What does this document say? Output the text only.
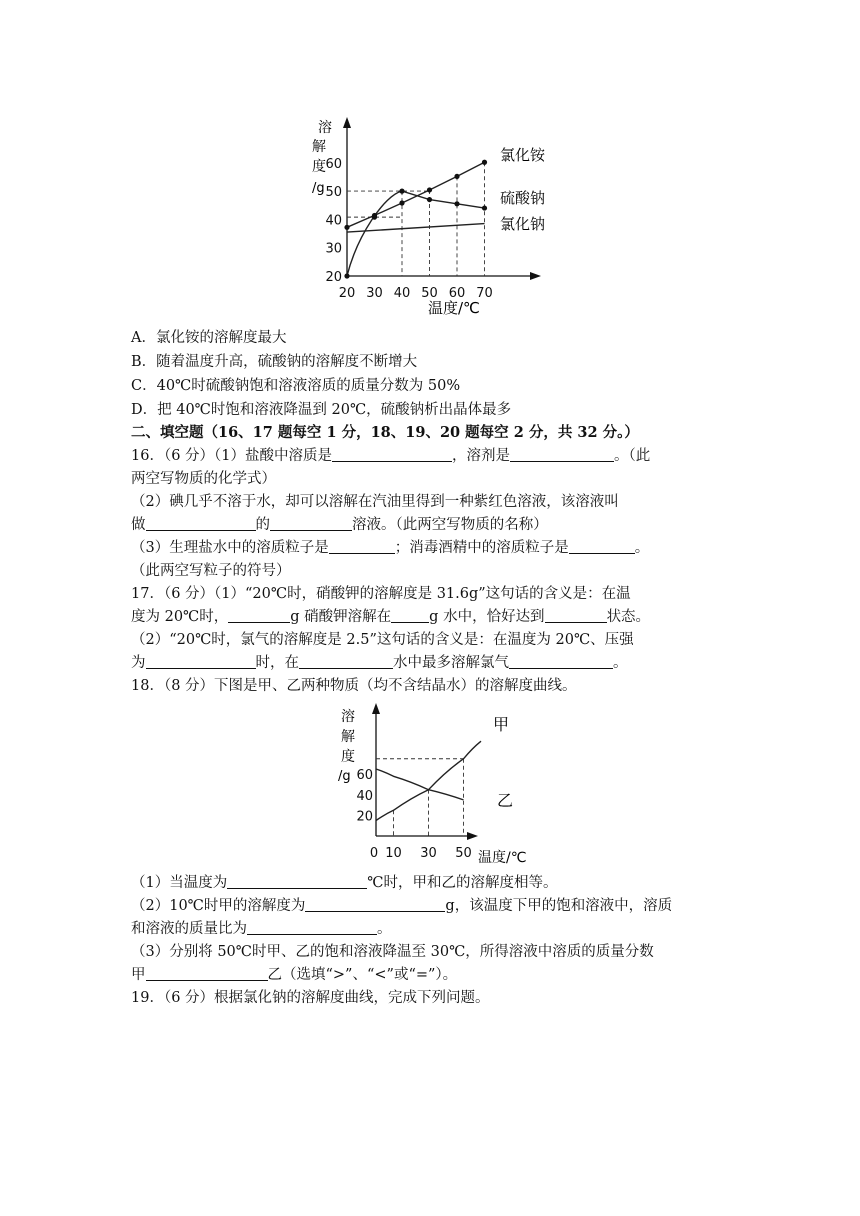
20 30 40 50 60 70
20
30
40
50
60
溶
解
度
/g
温度/℃
氯化铵
硫酸钠
氯化钠
A．氯化铵的溶解度最大
B．随着温度升高，硫酸钠的溶解度不断增大
C．40℃时硫酸钠饱和溶液溶质的质量分数为 50%
D．把 40℃时饱和溶液降温到 20℃，硫酸钠析出晶体最多
二、填空题（16、17 题每空 1 分，18、19、20 题每空 2 分，共 32 分。）
16．（6 分）（1）盐酸中溶质是	，溶剂是	。（此
两空写物质的化学式）
（2）碘几乎不溶于水，却可以溶解在汽油里得到一种紫红色溶液，该溶液叫
做	的	溶液。（此两空写物质的名称）
（3）生理盐水中的溶质粒子是	；消毒酒精中的溶质粒子是	。
（此两空写粒子的符号）
17．（6 分）（1）“20℃时，硝酸钾的溶解度是 31.6g”这句话的含义是：在温
度为 20℃时，	g 硝酸钾溶解在	g 水中，恰好达到	状态。
（2）“20℃时，氯气的溶解度是 2.5”这句话的含义是：在温度为 20℃、压强
为	时，在	水中最多溶解氯气	。
18．（8 分）下图是甲、乙两种物质（均不含结晶水）的溶解度曲线。
0 10 30 50
20
40
60
溶
解
度
/g
温度/℃
甲
乙
（1）当温度为	℃时，甲和乙的溶解度相等。
（2）10℃时甲的溶解度为	g，该温度下甲的饱和溶液中，溶质
和溶液的质量比为	。
（3）分别将 50℃时甲、乙的饱和溶液降温至 30℃，所得溶液中溶质的质量分数
甲	乙（选填“>”、“<”或“=”）。
19．（6 分）根据氯化钠的溶解度曲线，完成下列问题。
